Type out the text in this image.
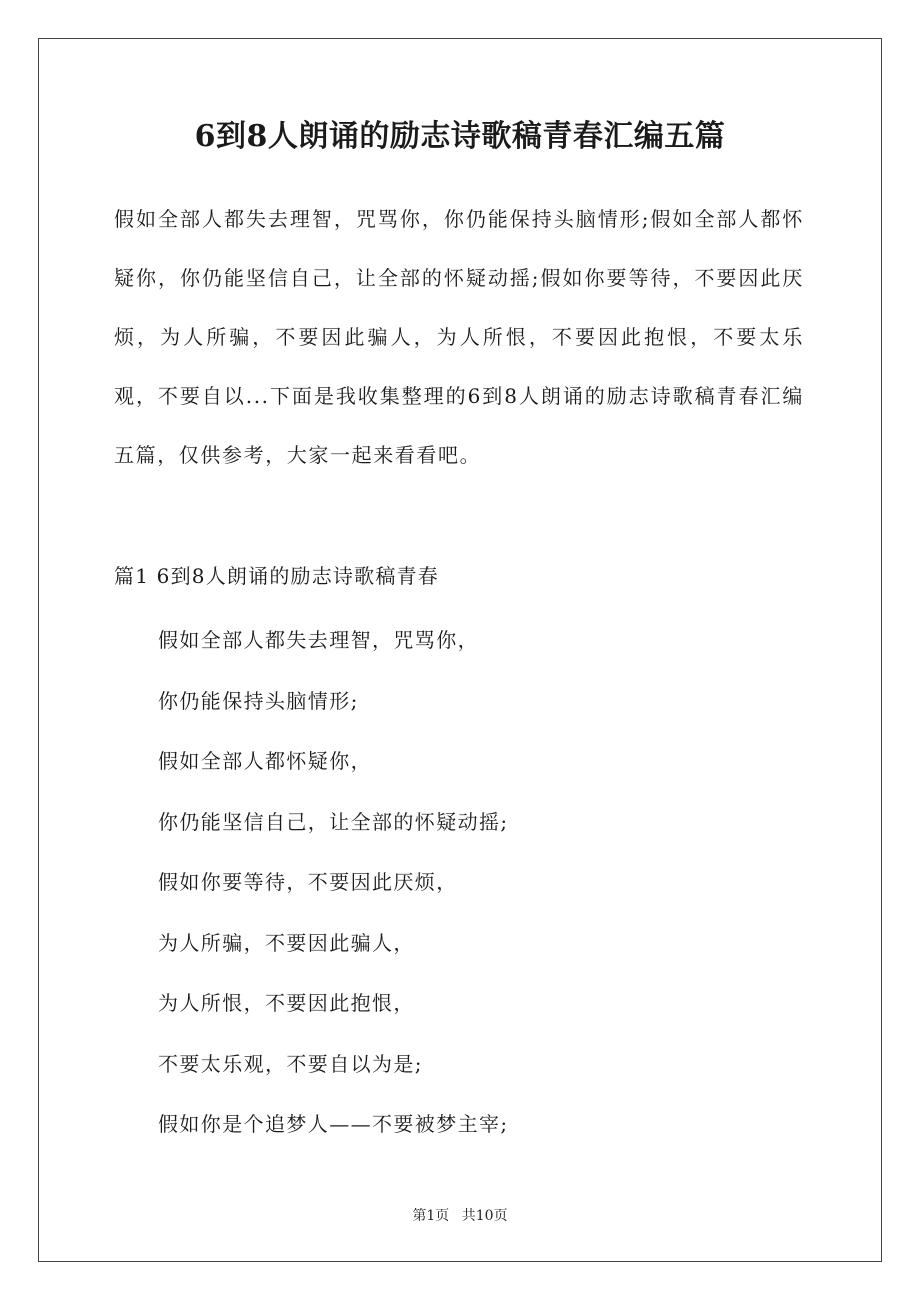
6到8人朗诵的励志诗歌稿青春汇编五篇

假如全部人都失去理智，咒骂你，你仍能保持头脑情形;假如全部人都怀疑你，你仍能坚信自己，让全部的怀疑动摇;假如你要等待，不要因此厌烦，为人所骗，不要因此骗人，为人所恨，不要因此抱恨，不要太乐观，不要自以...下面是我收集整理的6到8人朗诵的励志诗歌稿青春汇编五篇，仅供参考，大家一起来看看吧。

篇1 6到8人朗诵的励志诗歌稿青春
假如全部人都失去理智，咒骂你，
你仍能保持头脑情形;
假如全部人都怀疑你，
你仍能坚信自己，让全部的怀疑动摇;
假如你要等待，不要因此厌烦，
为人所骗，不要因此骗人，
为人所恨，不要因此抱恨，
不要太乐观，不要自以为是;
假如你是个追梦人——不要被梦主宰;
第1页 共10页
